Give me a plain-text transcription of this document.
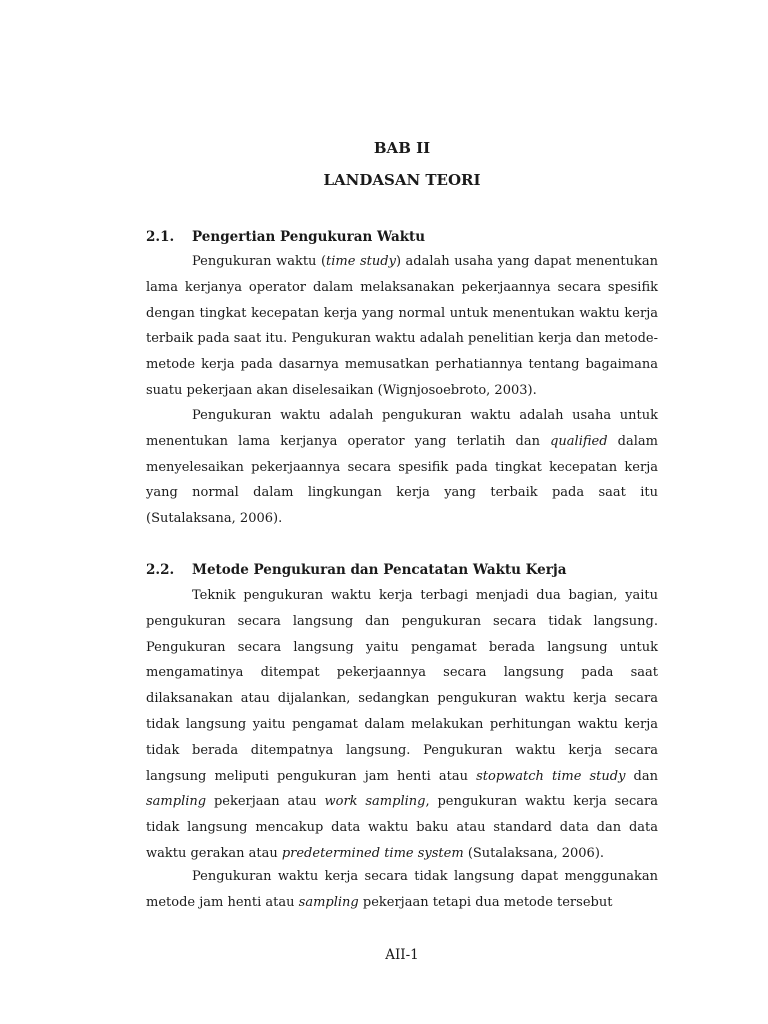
BAB II
LANDASAN TEORI
2.1. Pengertian Pengukuran Waktu

Pengukuran waktu (time study) adalah usaha yang dapat menentukan lama kerjanya operator dalam melaksanakan pekerjaannya secara spesifik dengan tingkat kecepatan kerja yang normal untuk menentukan waktu kerja terbaik pada saat itu. Pengukuran waktu adalah penelitian kerja dan metode-metode kerja pada dasarnya memusatkan perhatiannya tentang bagaimana suatu pekerjaan akan diselesaikan (Wignjosoebroto, 2003).

Pengukuran waktu adalah pengukuran waktu adalah usaha untuk menentukan lama kerjanya operator yang terlatih dan qualified dalam menyelesaikan pekerjaannya secara spesifik pada tingkat kecepatan kerja yang normal dalam lingkungan kerja yang terbaik pada saat itu (Sutalaksana, 2006).

2.2. Metode Pengukuran dan Pencatatan Waktu Kerja

Teknik pengukuran waktu kerja terbagi menjadi dua bagian, yaitu pengukuran secara langsung dan pengukuran secara tidak langsung. Pengukuran secara langsung yaitu pengamat berada langsung untuk mengamatinya ditempat pekerjaannya secara langsung pada saat dilaksanakan atau dijalankan, sedangkan pengukuran waktu kerja secara tidak langsung yaitu pengamat dalam melakukan perhitungan waktu kerja tidak berada ditempatnya langsung. Pengukuran waktu kerja secara langsung meliputi pengukuran jam henti atau stopwatch time study dan sampling pekerjaan atau work sampling, pengukuran waktu kerja secara tidak langsung mencakup data waktu baku atau standard data dan data waktu gerakan atau predetermined time system (Sutalaksana, 2006).

Pengukuran waktu kerja secara tidak langsung dapat menggunakan metode jam henti atau sampling pekerjaan tetapi dua metode tersebut

AII-1
